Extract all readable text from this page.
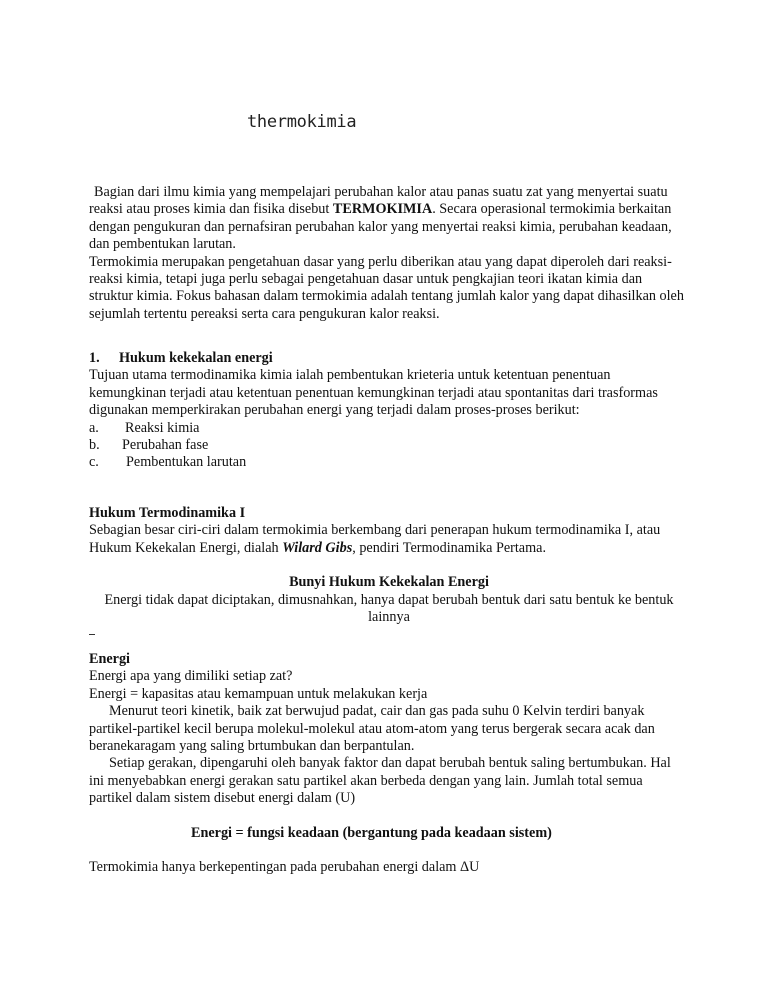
thermokimia

Bagian dari ilmu kimia yang mempelajari perubahan kalor atau panas suatu zat yang menyertai suatu reaksi atau proses kimia dan fisika disebut TERMOKIMIA. Secara operasional termokimia berkaitan dengan pengukuran dan pernafsiran perubahan kalor yang menyertai reaksi kimia, perubahan keadaan, dan pembentukan larutan.

Termokimia merupakan pengetahuan dasar yang perlu diberikan atau yang dapat diperoleh dari reaksi-reaksi kimia, tetapi juga perlu sebagai pengetahuan dasar untuk pengkajian teori ikatan kimia dan struktur kimia. Fokus bahasan dalam termokimia adalah tentang jumlah kalor yang dapat dihasilkan oleh sejumlah tertentu pereaksi serta cara pengukuran kalor reaksi.

1. Hukum kekekalan energi

Tujuan utama termodinamika kimia ialah pembentukan krieteria untuk ketentuan penentuan kemungkinan terjadi atau ketentuan penentuan kemungkinan terjadi atau spontanitas dari trasformas digunakan memperkirakan perubahan energi yang terjadi dalam proses-proses berikut:

a.	Reaksi kimia
b.	Perubahan fase
c.	Pembentukan larutan

Hukum Termodinamika I

Sebagian besar ciri-ciri dalam termokimia berkembang dari penerapan hukum termodinamika I, atau Hukum Kekekalan Energi, dialah Wilard Gibs, pendiri Termodinamika Pertama.

Bunyi Hukum Kekekalan Energi

Energi tidak dapat diciptakan, dimusnahkan, hanya dapat berubah bentuk dari satu bentuk ke bentuk lainnya

Energi

Energi apa yang dimiliki setiap zat?

Energi = kapasitas atau kemampuan untuk melakukan kerja

Menurut teori kinetik, baik zat berwujud padat, cair dan gas pada suhu 0 Kelvin terdiri banyak partikel-partikel kecil berupa molekul-molekul atau atom-atom yang terus bergerak secara acak dan beranekaragam yang saling brtumbukan dan berpantulan.

Setiap gerakan, dipengaruhi oleh banyak faktor dan dapat berubah bentuk saling bertumbukan. Hal ini menyebabkan energi gerakan satu partikel akan berbeda dengan yang lain. Jumlah total semua partikel dalam sistem disebut energi dalam (U)

Energi = fungsi keadaan (bergantung pada keadaan sistem)

Termokimia hanya berkepentingan pada perubahan energi dalam ΔU
